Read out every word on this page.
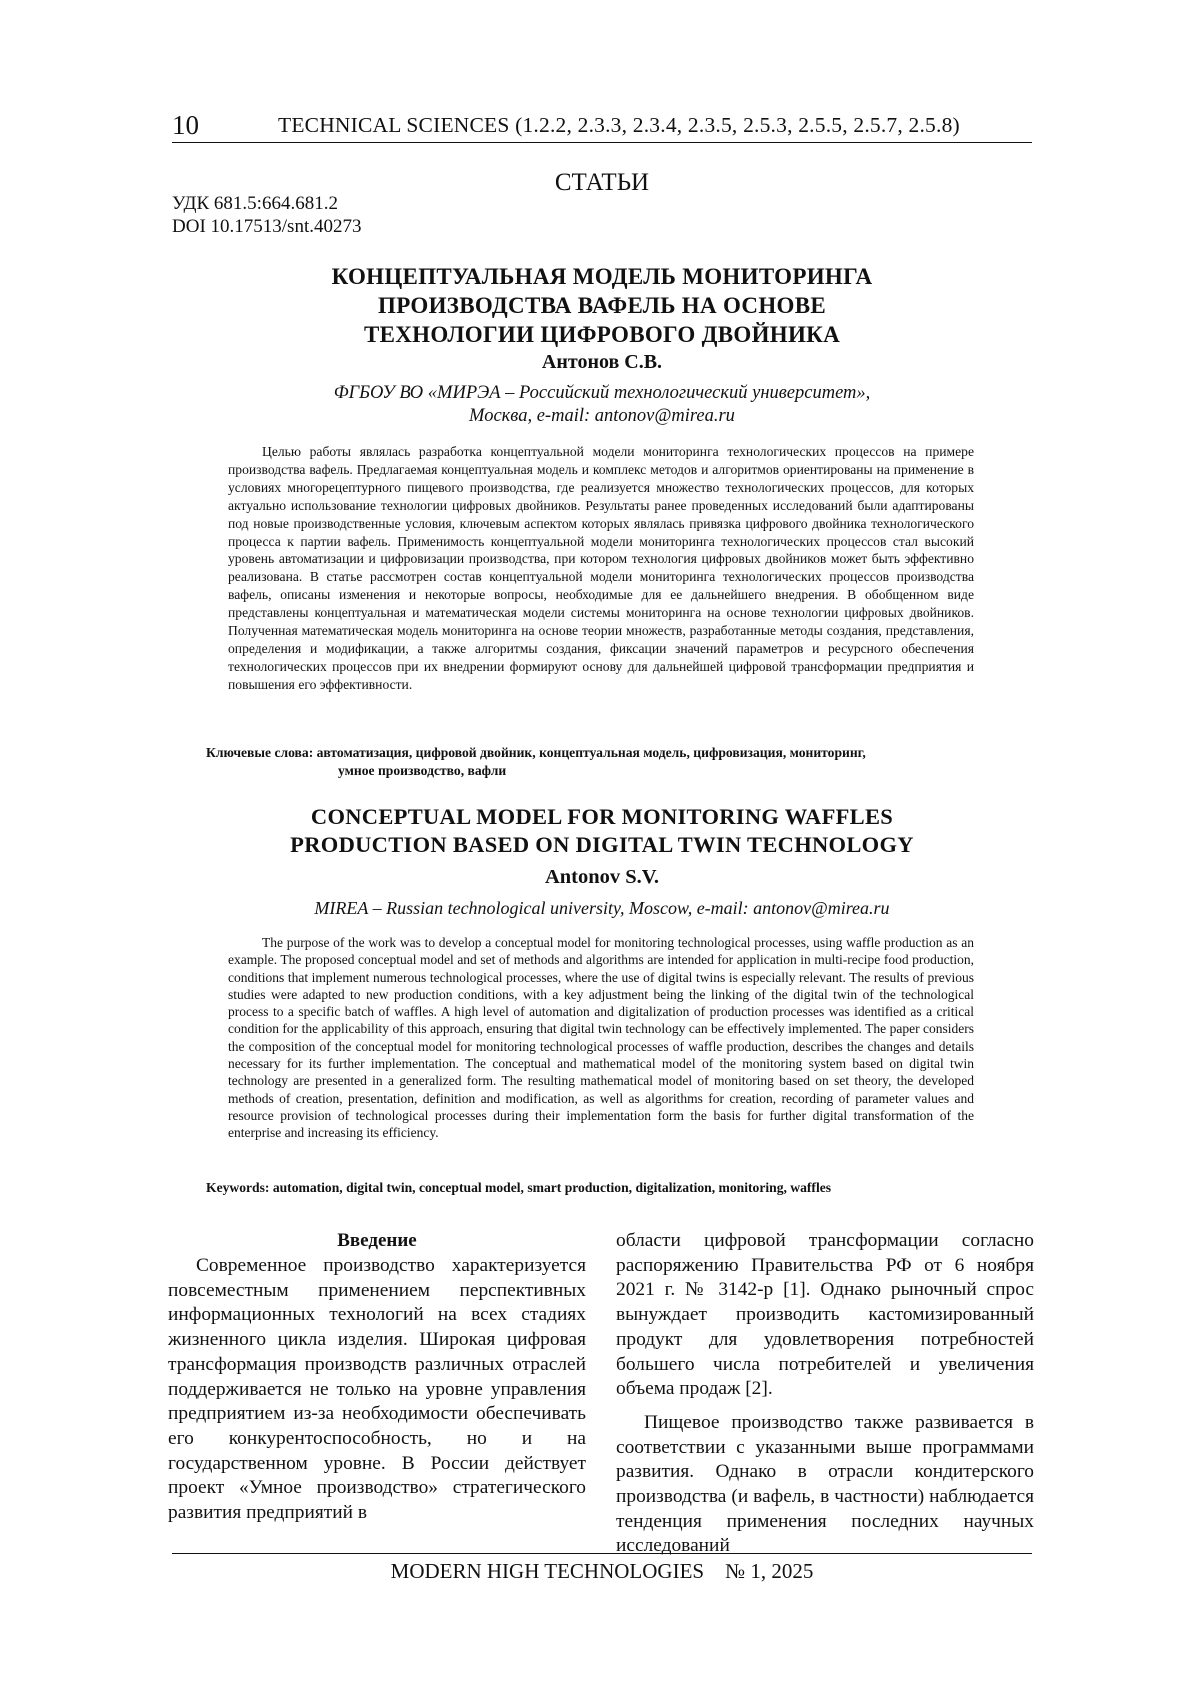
10	TECHNICAL SCIENCES (1.2.2, 2.3.3, 2.3.4, 2.3.5, 2.5.3, 2.5.5, 2.5.7, 2.5.8)
СТАТЬИ
УДК 681.5:664.681.2
DOI 10.17513/snt.40273
КОНЦЕПТУАЛЬНАЯ МОДЕЛЬ МОНИТОРИНГА
ПРОИЗВОДСТВА ВАФЕЛЬ НА ОСНОВЕ
ТЕХНОЛОГИИ ЦИФРОВОГО ДВОЙНИКА
Антонов С.В.
ФГБОУ ВО «МИРЭА – Российский технологический университет»,
Москва, e-mail: antonov@mirea.ru
Целью работы являлась разработка концептуальной модели мониторинга технологических процессов на примере производства вафель. Предлагаемая концептуальная модель и комплекс методов и алгоритмов ориентированы на применение в условиях многорецептурного пищевого производства, где реализуется множество технологических процессов, для которых актуально использование технологии цифровых двойников. Результаты ранее проведенных исследований были адаптированы под новые производственные условия, ключевым аспектом которых являлась привязка цифрового двойника технологического процесса к партии вафель. Применимость концептуальной модели мониторинга технологических процессов стал высокий уровень автоматизации и цифровизации производства, при котором технология цифровых двойников может быть эффективно реализована. В статье рассмотрен состав концептуальной модели мониторинга технологических процессов производства вафель, описаны изменения и некоторые вопросы, необходимые для ее дальнейшего внедрения. В обобщенном виде представлены концептуальная и математическая модели системы мониторинга на основе технологии цифровых двойников. Полученная математическая модель мониторинга на основе теории множеств, разработанные методы создания, представления, определения и модификации, а также алгоритмы создания, фиксации значений параметров и ресурсного обеспечения технологических процессов при их внедрении формируют основу для дальнейшей цифровой трансформации предприятия и повышения его эффективности.
Ключевые слова: автоматизация, цифровой двойник, концептуальная модель, цифровизация, мониторинг,
умное производство, вафли
CONCEPTUAL MODEL FOR MONITORING WAFFLES
PRODUCTION BASED ON DIGITAL TWIN TECHNOLOGY
Antonov S.V.
MIREA – Russian technological university, Moscow, e-mail: antonov@mirea.ru
The purpose of the work was to develop a conceptual model for monitoring technological processes, using waffle production as an example. The proposed conceptual model and set of methods and algorithms are intended for application in multi-recipe food production, conditions that implement numerous technological processes, where the use of digital twins is especially relevant. The results of previous studies were adapted to new production conditions, with a key adjustment being the linking of the digital twin of the technological process to a specific batch of waffles. A high level of automation and digitalization of production processes was identified as a critical condition for the applicability of this approach, ensuring that digital twin technology can be effectively implemented. The paper considers the composition of the conceptual model for monitoring technological processes of waffle production, describes the changes and details necessary for its further implementation. The conceptual and mathematical model of the monitoring system based on digital twin technology are presented in a generalized form. The resulting mathematical model of monitoring based on set theory, the developed methods of creation, presentation, definition and modification, as well as algorithms for creation, recording of parameter values and resource provision of technological processes during their implementation form the basis for further digital transformation of the enterprise and increasing its efficiency.
Keywords: automation, digital twin, conceptual model, smart production, digitalization, monitoring, waffles
Введение

Современное производство характеризуется повсеместным применением перспективных информационных технологий на всех стадиях жизненного цикла изделия. Широкая цифровая трансформация производств различных отраслей поддерживается не только на уровне управления предприятием из-за необходимости обеспечивать его конкурентоспособность, но и на государственном уровне. В России действует проект «Умное производство» стратегического развития предприятий в

области цифровой трансформации согласно распоряжению Правительства РФ от 6 ноября 2021 г. № 3142-р [1]. Однако рыночный спрос вынуждает производить кастомизированный продукт для удовлетворения потребностей большего числа потребителей и увеличения объема продаж [2].

Пищевое производство также развивается в соответствии с указанными выше программами развития. Однако в отрасли кондитерского производства (и вафель, в частности) наблюдается тенденция применения последних научных исследований

MODERN HIGH TECHNOLOGIES    № 1, 2025
